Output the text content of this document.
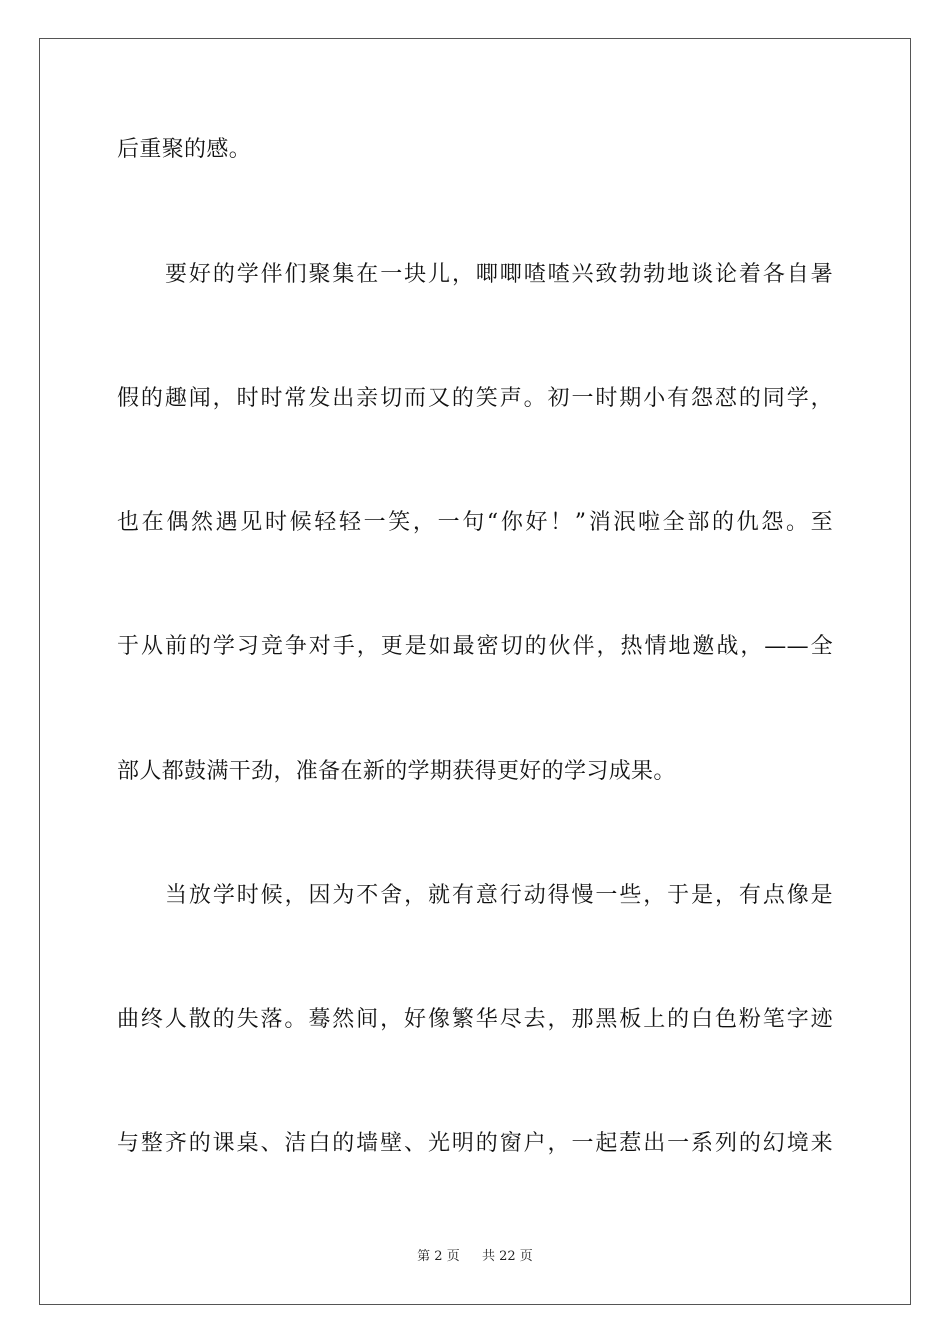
后重聚的感。
要好的学伴们聚集在一块儿，唧唧喳喳兴致勃勃地谈论着各自暑
假的趣闻，时时常发出亲切而又的笑声。初一时期小有怨怼的同学，
也在偶然遇见时候轻轻一笑，一句“你好！”消泯啦全部的仇怨。至
于从前的学习竞争对手，更是如最密切的伙伴，热情地邀战，——全
部人都鼓满干劲，准备在新的学期获得更好的学习成果。
当放学时候，因为不舍，就有意行动得慢一些，于是，有点像是
曲终人散的失落。蓦然间，好像繁华尽去，那黑板上的白色粉笔字迹
与整齐的课桌、洁白的墙壁、光明的窗户，一起惹出一系列的幻境来
第 2 页 共 22 页
